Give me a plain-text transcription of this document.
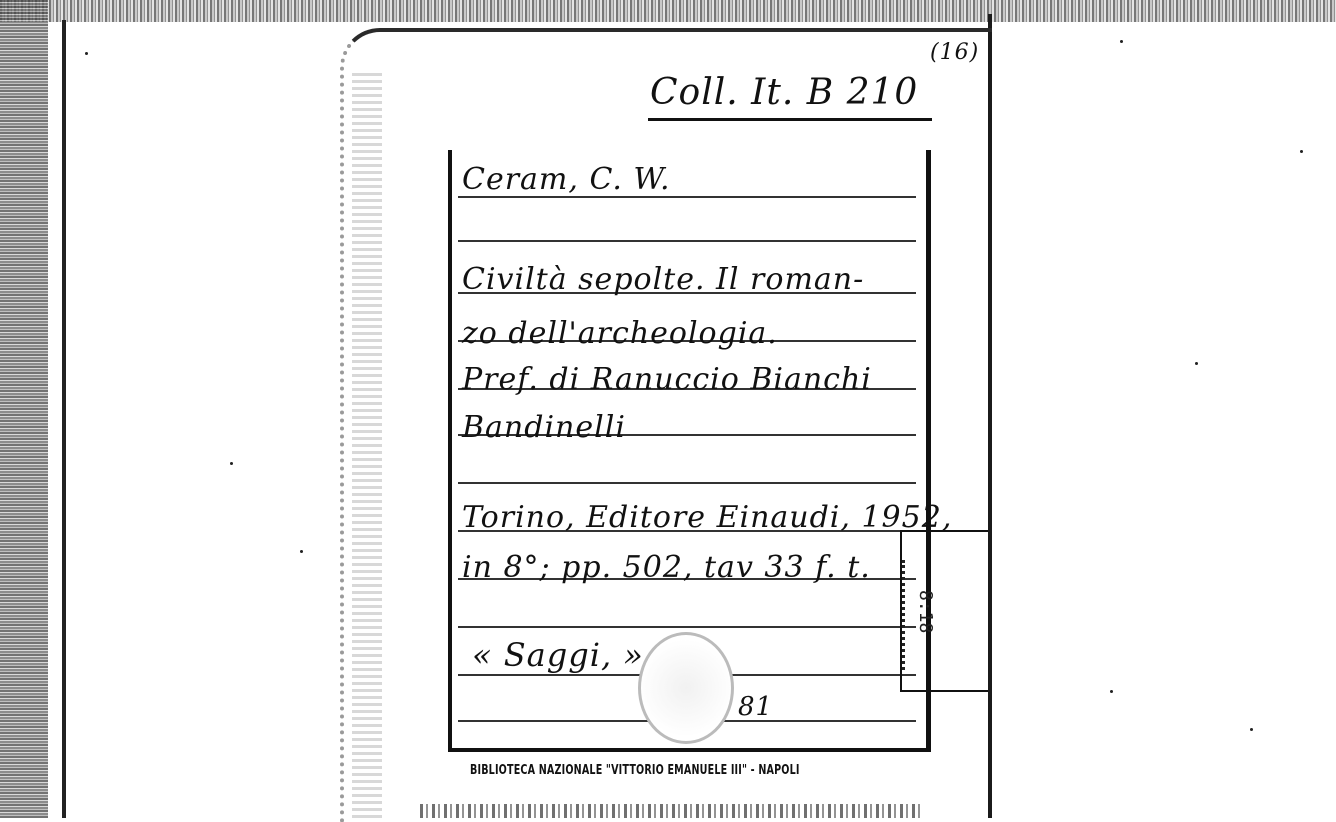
Coll. It. B 210
(16)
Ceram, C. W.
Civiltà sepolte. Il roman-
zo dell'archeologia.
Pref. di Ranuccio Bianchi
Bandinelli
Torino, Editore Einaudi, 1952,
in 8°; pp. 502, tav 33 f. t.
« Saggi, »
81
8:18
BIBLIOTECA NAZIONALE "VITTORIO EMANUELE III" - NAPOLI
